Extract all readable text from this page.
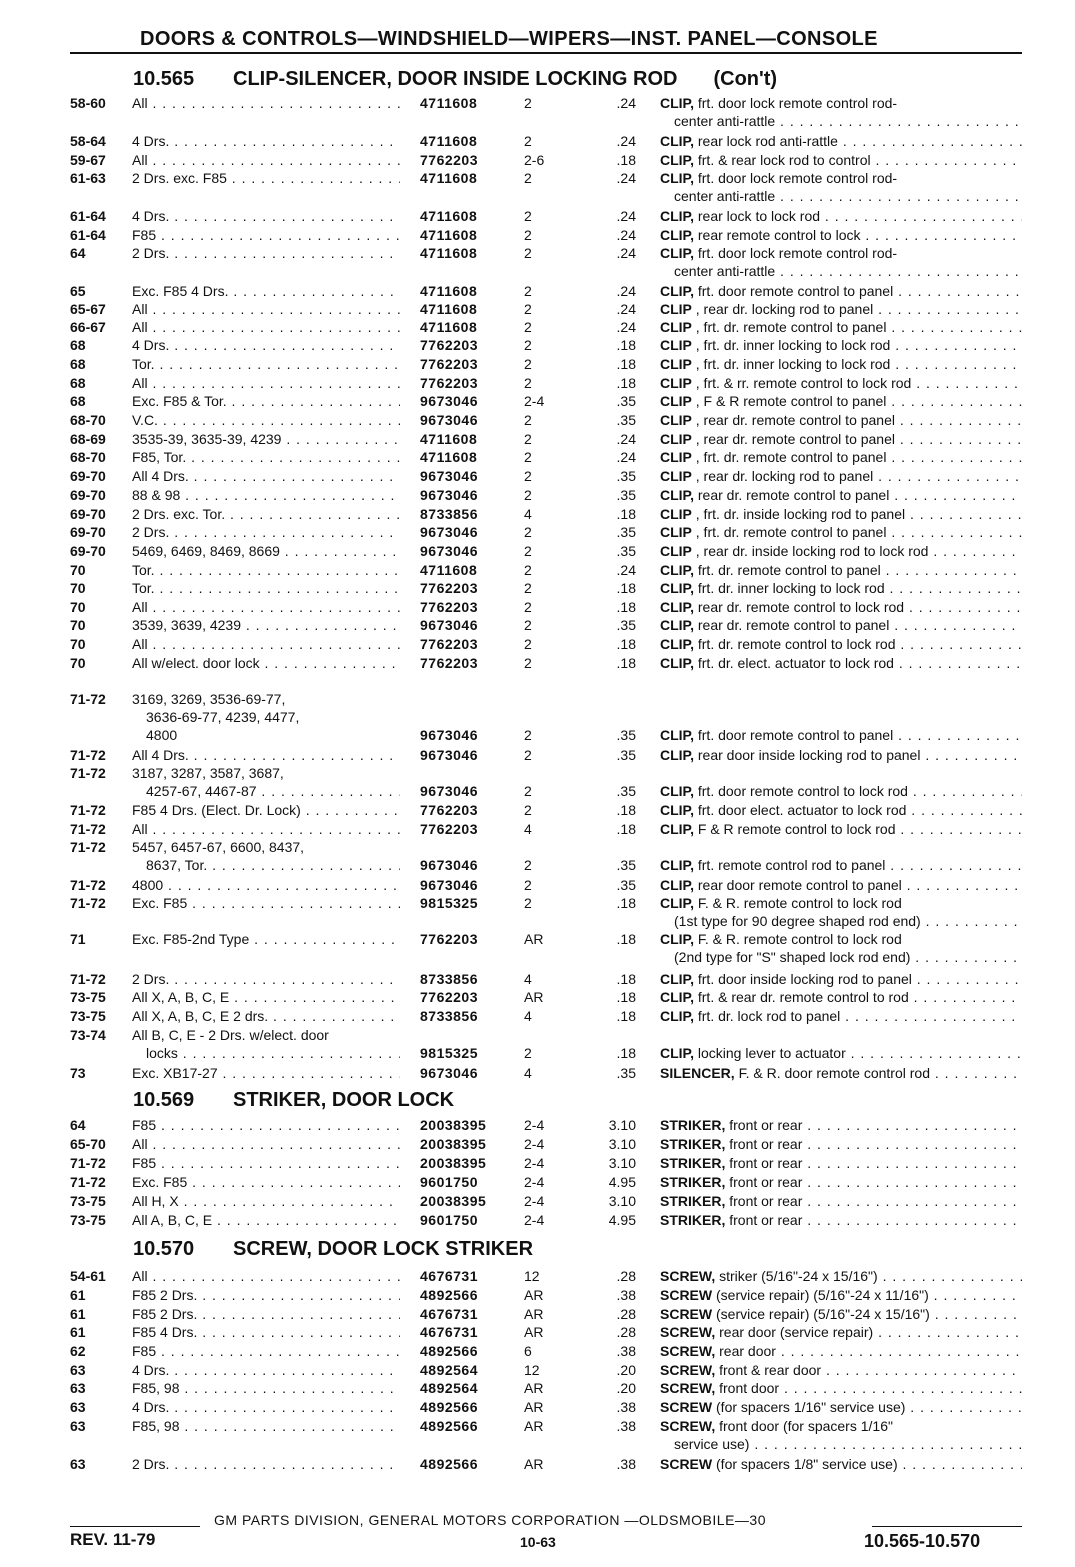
DOORS & CONTROLS—WINDSHIELD—WIPERS—INST. PANEL—CONSOLE
10.565 CLIP-SILENCER, DOOR INSIDE LOCKING ROD (Con't)
10.569 STRIKER, DOOR LOCK
10.570 SCREW, DOOR LOCK STRIKER
58-60 All . . .	4711608	2	.24 CLIP, frt. door lock remote control rod-
center anti-rattle . . .
58-64 4 Drs. . . .	4711608	2	.24 CLIP, rear lock rod anti-rattle . . .
59-67 All . . .	7762203	2-6	.18 CLIP, frt. & rear lock rod to control . . .
61-63 2 Drs. exc. F85 . . .	4711608	2	.24 CLIP, frt. door lock remote control rod-
center anti-rattle . . .
61-64 4 Drs. . . .	4711608	2	.24 CLIP, rear lock to lock rod . . .
61-64 F85 . . .	4711608	2	.24 CLIP, rear remote control to lock . . .
64	2 Drs. . . .	4711608	2	.24 CLIP, frt. door lock remote control rod-
center anti-rattle . . .
65	Exc. F85 4 Drs. . . .	4711608	2	.24 CLIP, frt. door remote control to panel . . .
65-67 All . . .	4711608	2	.24 CLIP , rear dr. locking rod to panel . . .
66-67 All . . .	4711608	2	.24 CLIP , frt. dr. remote control to panel . . .
68	4 Drs. . . .	7762203	2	.18 CLIP , frt. dr. inner locking to lock rod . . .
68	Tor. . . .	7762203	2	.18 CLIP , frt. dr. inner locking to lock rod . . .
68	All . . .	7762203	2	.18 CLIP , frt. & rr. remote control to lock rod . . .
68	Exc. F85 & Tor. . . .	9673046	2-4	.35 CLIP , F & R remote control to panel . . .
68-70 V.C. . . .	9673046	2	.35 CLIP , rear dr. remote control to panel . . .
68-69 3535-39, 3635-39, 4239 . . .	4711608	2	.24 CLIP , rear dr. remote control to panel . . .
68-70 F85, Tor. . . .	4711608	2	.24 CLIP , frt. dr. remote control to panel . . .
69-70 All 4 Drs. . . .	9673046	2	.35 CLIP , rear dr. locking rod to panel . . .
69-70 88 & 98 . . .	9673046	2	.35 CLIP, rear dr. remote control to panel . . .
69-70 2 Drs. exc. Tor. . . .	8733856	4	.18 CLIP , frt. dr. inside locking rod to panel . . .
69-70 2 Drs. . . .	9673046	2	.35 CLIP , frt. dr. remote control to panel . . .
69-70 5469, 6469, 8469, 8669 . . .	9673046	2	.35 CLIP , rear dr. inside locking rod to lock rod . . .
70	Tor. . . .	4711608	2	.24 CLIP, frt. dr. remote control to panel . . .
70	Tor. . . .	7762203	2	.18 CLIP, frt. dr. inner locking to lock rod . . .
70	All . . .	7762203	2	.18 CLIP, rear dr. remote control to lock rod . . .
70	3539, 3639, 4239 . . .	9673046	2	.35 CLIP, rear dr. remote control to panel . . .
70	All . . .	7762203	2	.18 CLIP, frt. dr. remote control to lock rod . . .
70	All w/elect. door lock . . .	7762203	2	.18 CLIP, frt. dr. elect. actuator to lock rod . . .
71-72 3169, 3269, 3536-69-77,
3636-69-77, 4239, 4477,
4800	9673046	2	.35 CLIP, frt. door remote control to panel . . .
71-72 All 4 Drs. . . .	9673046	2	.35 CLIP, rear door inside locking rod to panel . . .
71-72 3187, 3287, 3587, 3687,
4257-67, 4467-87 . . .	9673046	2	.35 CLIP, frt. door remote control to lock rod . . .
71-72 F85 4 Drs. (Elect. Dr. Lock) . . .	7762203	2	.18 CLIP, frt. door elect. actuator to lock rod . . .
71-72 All . . .	7762203	4	.18 CLIP, F & R remote control to lock rod . . .
71-72 5457, 6457-67, 6600, 8437,
8637, Tor. . . .	9673046	2	.35 CLIP, frt. remote control rod to panel . . .
71-72 4800 . . .	9673046	2	.35 CLIP, rear door remote control to panel . . .
71-72 Exc. F85 . . .	9815325	2	.18 CLIP, F. & R. remote control to lock rod
(1st type for 90 degree shaped rod end) . . .
71	Exc. F85-2nd Type . . .	7762203	AR	.18 CLIP, F. & R. remote control to lock rod
(2nd type for "S" shaped lock rod end) . . .
71-72 2 Drs. . . .	8733856	4	.18 CLIP, frt. door inside locking rod to panel . . .
73-75 All X, A, B, C, E . . .	7762203	AR	.18 CLIP, frt. & rear dr. remote control to rod . . .
73-75 All X, A, B, C, E 2 drs. . . .	8733856	4	.18 CLIP, frt. dr. lock rod to panel . . .
73-74 All B, C, E - 2 Drs. w/elect. door
locks . . .	9815325	2	.18 CLIP, locking lever to actuator . . .
73	Exc. XB17-27 . . .	9673046	4	.35 SILENCER, F. & R. door remote control rod . . .
64	F85 . . .	20038395	2-4	3.10 STRIKER, front or rear . . .
65-70 All . . .	20038395	2-4	3.10 STRIKER, front or rear . . .
71-72 F85 . . .	20038395	2-4	3.10 STRIKER, front or rear . . .
71-72 Exc. F85 . . .	9601750	2-4	4.95 STRIKER, front or rear . . .
73-75 All H, X . . .	20038395	2-4	3.10 STRIKER, front or rear . . .
73-75 All A, B, C, E . . .	9601750	2-4	4.95 STRIKER, front or rear . . .
54-61 All . . .	4676731	12	.28 SCREW, striker (5/16"-24 x 15/16") . . .
61	F85 2 Drs. . . .	4892566	AR	.38 SCREW (service repair) (5/16"-24 x 11/16") . . .
61	F85 2 Drs. . . .	4676731	AR	.28 SCREW (service repair) (5/16"-24 x 15/16") . . .
61	F85 4 Drs. . . .	4676731	AR	.28 SCREW, rear door (service repair) . . .
62	F85 . . .	4892566	6	.38 SCREW, rear door . . .
63	4 Drs. . . .	4892564	12	.20 SCREW, front & rear door . . .
63	F85, 98 . . .	4892564	AR	.20 SCREW, front door . . .
63	4 Drs. . . .	4892566	AR	.38 SCREW (for spacers 1/16" service use) . . .
63	F85, 98 . . .	4892566	AR	.38 SCREW, front door (for spacers 1/16"
service use) . . .
63	2 Drs. . . .	4892566	AR	.38 SCREW (for spacers 1/8" service use) . . .
GM PARTS DIVISION, GENERAL MOTORS CORPORATION —OLDSMOBILE—30
REV. 11-79	10-63	10.565-10.570
